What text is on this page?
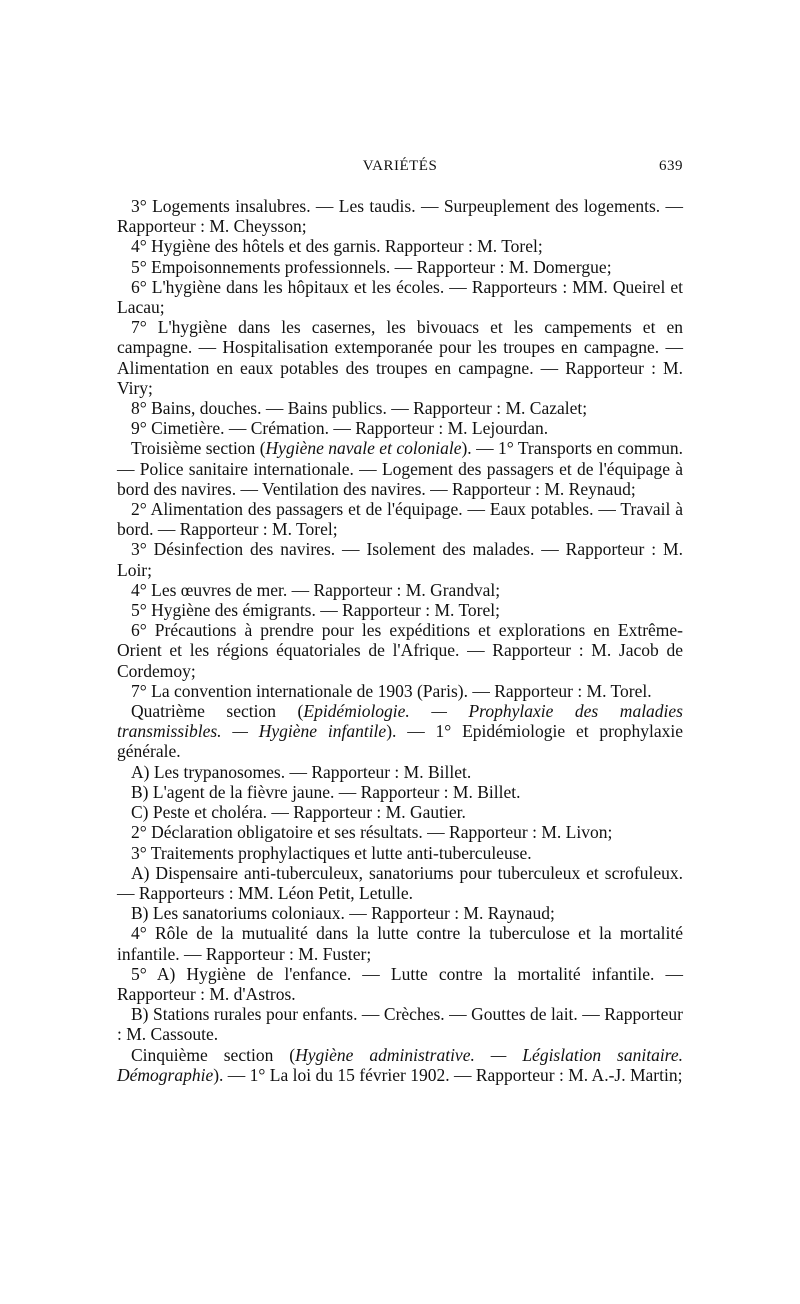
VARIÉTÉS	639

3° Logements insalubres. — Les taudis. — Surpeuplement des logements. — Rapporteur : M. Cheysson;

4° Hygiène des hôtels et des garnis. Rapporteur : M. Torel;

5° Empoisonnements professionnels. — Rapporteur : M. Domergue;

6° L'hygiène dans les hôpitaux et les écoles. — Rapporteurs : MM. Queirel et Lacau;

7° L'hygiène dans les casernes, les bivouacs et les campements et en campagne. — Hospitalisation extemporanée pour les troupes en campagne. — Alimentation en eaux potables des troupes en campagne. — Rapporteur : M. Viry;

8° Bains, douches. — Bains publics. — Rapporteur : M. Cazalet;

9° Cimetière. — Crémation. — Rapporteur : M. Lejourdan.

Troisième section (Hygiène navale et coloniale). — 1° Transports en commun. — Police sanitaire internationale. — Logement des passagers et de l'équipage à bord des navires. — Ventilation des navires. — Rapporteur : M. Reynaud;

2° Alimentation des passagers et de l'équipage. — Eaux potables. — Travail à bord. — Rapporteur : M. Torel;

3° Désinfection des navires. — Isolement des malades. — Rapporteur : M. Loir;

4° Les œuvres de mer. — Rapporteur : M. Grandval;

5° Hygiène des émigrants. — Rapporteur : M. Torel;

6° Précautions à prendre pour les expéditions et explorations en Extrême-Orient et les régions équatoriales de l'Afrique. — Rapporteur : M. Jacob de Cordemoy;

7° La convention internationale de 1903 (Paris). — Rapporteur : M. Torel.

Quatrième section (Epidémiologie. — Prophylaxie des maladies transmissibles. — Hygiène infantile). — 1° Epidémiologie et prophylaxie générale.

A) Les trypanosomes. — Rapporteur : M. Billet.

B) L'agent de la fièvre jaune. — Rapporteur : M. Billet.

C) Peste et choléra. — Rapporteur : M. Gautier.

2° Déclaration obligatoire et ses résultats. — Rapporteur : M. Livon;

3° Traitements prophylactiques et lutte anti-tuberculeuse.

A) Dispensaire anti-tuberculeux, sanatoriums pour tuberculeux et scrofuleux. — Rapporteurs : MM. Léon Petit, Letulle.

B) Les sanatoriums coloniaux. — Rapporteur : M. Raynaud;

4° Rôle de la mutualité dans la lutte contre la tuberculose et la mortalité infantile. — Rapporteur : M. Fuster;

5° A) Hygiène de l'enfance. — Lutte contre la mortalité infantile. — Rapporteur : M. d'Astros.

B) Stations rurales pour enfants. — Crèches. — Gouttes de lait. — Rapporteur : M. Cassoute.

Cinquième section (Hygiène administrative. — Législation sanitaire. Démographie). — 1° La loi du 15 février 1902. — Rapporteur : M. A.-J. Martin;
